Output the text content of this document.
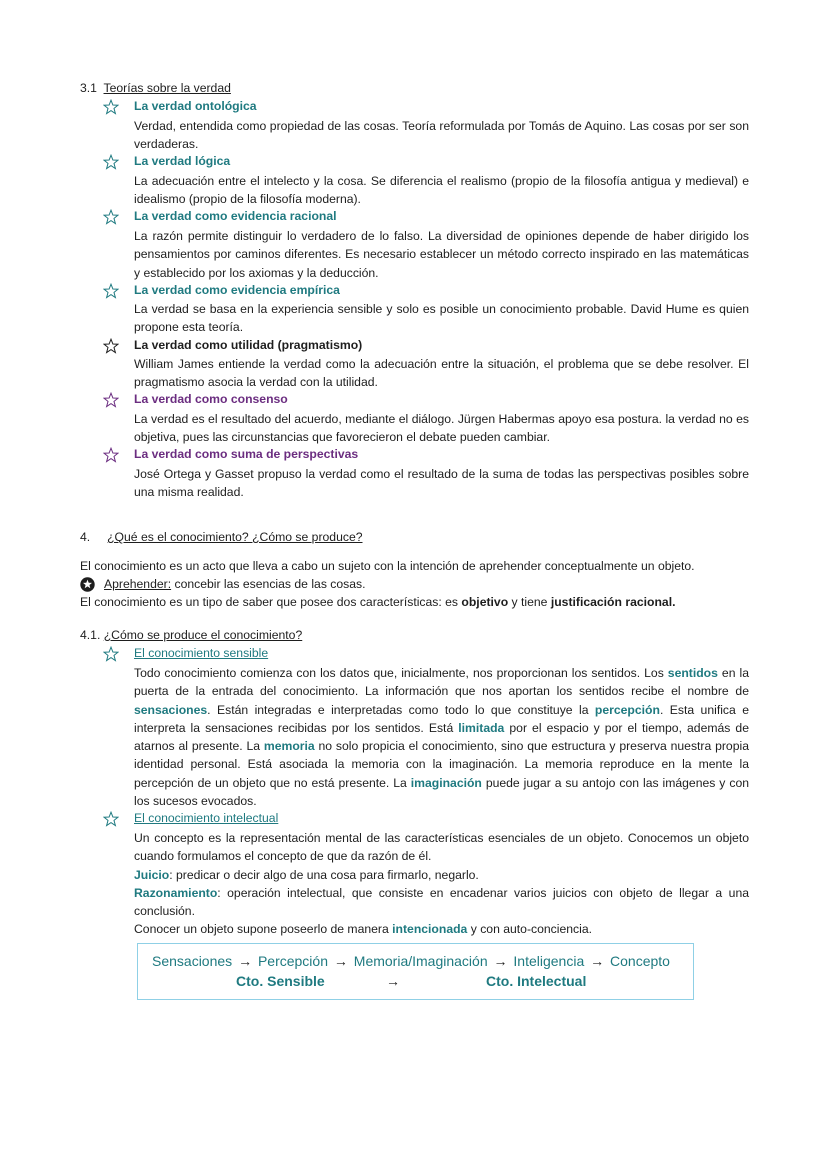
3.1 Teorías sobre la verdad
La verdad ontológica
Verdad, entendida como propiedad de las cosas. Teoría reformulada por Tomás de Aquino. Las cosas por ser son verdaderas.
La verdad lógica
La adecuación entre el intelecto y la cosa. Se diferencia el realismo (propio de la filosofía antigua y medieval) e idealismo (propio de la filosofía moderna).
La verdad como evidencia racional
La razón permite distinguir lo verdadero de lo falso. La diversidad de opiniones depende de haber dirigido los pensamientos por caminos diferentes. Es necesario establecer un método correcto inspirado en las matemáticas y establecido por los axiomas y la deducción.
La verdad como evidencia empírica
La verdad se basa en la experiencia sensible y solo es posible un conocimiento probable. David Hume es quien propone esta teoría.
La verdad como utilidad (pragmatismo)
William James entiende la verdad como la adecuación entre la situación, el problema que se debe resolver. El pragmatismo asocia la verdad con la utilidad.
La verdad como consenso
La verdad es el resultado del acuerdo, mediante el diálogo. Jürgen Habermas apoyo esa postura. la verdad no es objetiva, pues las circunstancias que favorecieron el debate pueden cambiar.
La verdad como suma de perspectivas
José Ortega y Gasset propuso la verdad como el resultado de la suma de todas las perspectivas posibles sobre una misma realidad.
4. ¿Qué es el conocimiento? ¿Cómo se produce?
El conocimiento es un acto que lleva a cabo un sujeto con la intención de aprehender conceptualmente un objeto.
Aprehender: concebir las esencias de las cosas.
El conocimiento es un tipo de saber que posee dos características: es objetivo y tiene justificación racional.
4.1. ¿Cómo se produce el conocimiento?
El conocimiento sensible
Todo conocimiento comienza con los datos que, inicialmente, nos proporcionan los sentidos. Los sentidos en la puerta de la entrada del conocimiento. La información que nos aportan los sentidos recibe el nombre de sensaciones. Están integradas e interpretadas como todo lo que constituye la percepción. Esta unifica e interpreta la sensaciones recibidas por los sentidos. Está limitada por el espacio y por el tiempo, además de atarnos al presente. La memoria no solo propicia el conocimiento, sino que estructura y preserva nuestra propia identidad personal. Está asociada la memoria con la imaginación. La memoria reproduce en la mente la percepción de un objeto que no está presente. La imaginación puede jugar a su antojo con las imágenes y con los sucesos evocados.
El conocimiento intelectual
Un concepto es la representación mental de las características esenciales de un objeto. Conocemos un objeto cuando formulamos el concepto de que da razón de él.
Juicio: predicar o decir algo de una cosa para firmarlo, negarlo.
Razonamiento: operación intelectual, que consiste en encadenar varios juicios con objeto de llegar a una conclusión.
Conocer un objeto supone poseerlo de manera intencionada y con auto-conciencia.
Sensaciones → Percepción → Memoria/Imaginación → Inteligencia → Concepto
Cto. Sensible	→	Cto. Intelectual
